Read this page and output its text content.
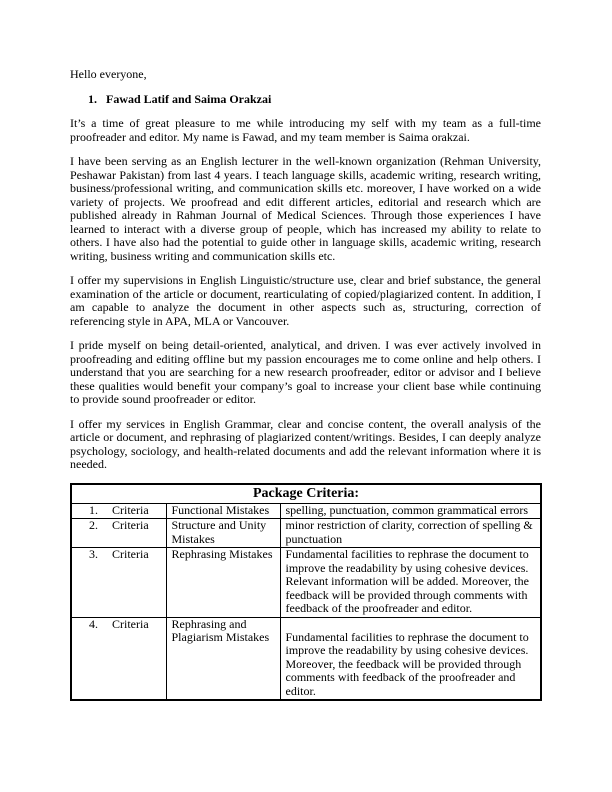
Hello everyone,

1. Fawad Latif and Saima Orakzai

It’s a time of great pleasure to me while introducing my self with my team as a full-time proofreader and editor. My name is Fawad, and my team member is Saima orakzai.

I have been serving as an English lecturer in the well-known organization (Rehman University, Peshawar Pakistan) from last 4 years. I teach language skills, academic writing, research writing, business/professional writing, and communication skills etc. moreover, I have worked on a wide variety of projects. We proofread and edit different articles, editorial and research which are published already in Rahman Journal of Medical Sciences. Through those experiences I have learned to interact with a diverse group of people, which has increased my ability to relate to others. I have also had the potential to guide other in language skills, academic writing, research writing, business writing and communication skills etc.

I offer my supervisions in English Linguistic/structure use, clear and brief substance, the general examination of the article or document, rearticulating of copied/plagiarized content. In addition, I am capable to analyze the document in other aspects such as, structuring, correction of referencing style in APA, MLA or Vancouver.

I pride myself on being detail-oriented, analytical, and driven. I was ever actively involved in proofreading and editing offline but my passion encourages me to come online and help others. I understand that you are searching for a new research proofreader, editor or advisor and I believe these qualities would benefit your company’s goal to increase your client base while continuing to provide sound proofreader or editor.

I offer my services in English Grammar, clear and concise content, the overall analysis of the article or document, and rephrasing of plagiarized content/writings. Besides, I can deeply analyze psychology, sociology, and health-related documents and add the relevant information where it is needed.

Package Criteria:		
1. Criteria	Functional Mistakes	spelling, punctuation, common grammatical errors
2. Criteria	Structure and Unity Mistakes	minor restriction of clarity, correction of spelling & punctuation
3. Criteria	Rephrasing Mistakes	Fundamental facilities to rephrase the document to improve the readability by using cohesive devices. Relevant information will be added. Moreover, the feedback will be provided through comments with feedback of the proofreader and editor.
4. Criteria	Rephrasing and Plagiarism Mistakes	Fundamental facilities to rephrase the document to improve the readability by using cohesive devices. Moreover, the feedback will be provided through comments with feedback of the proofreader and editor.
